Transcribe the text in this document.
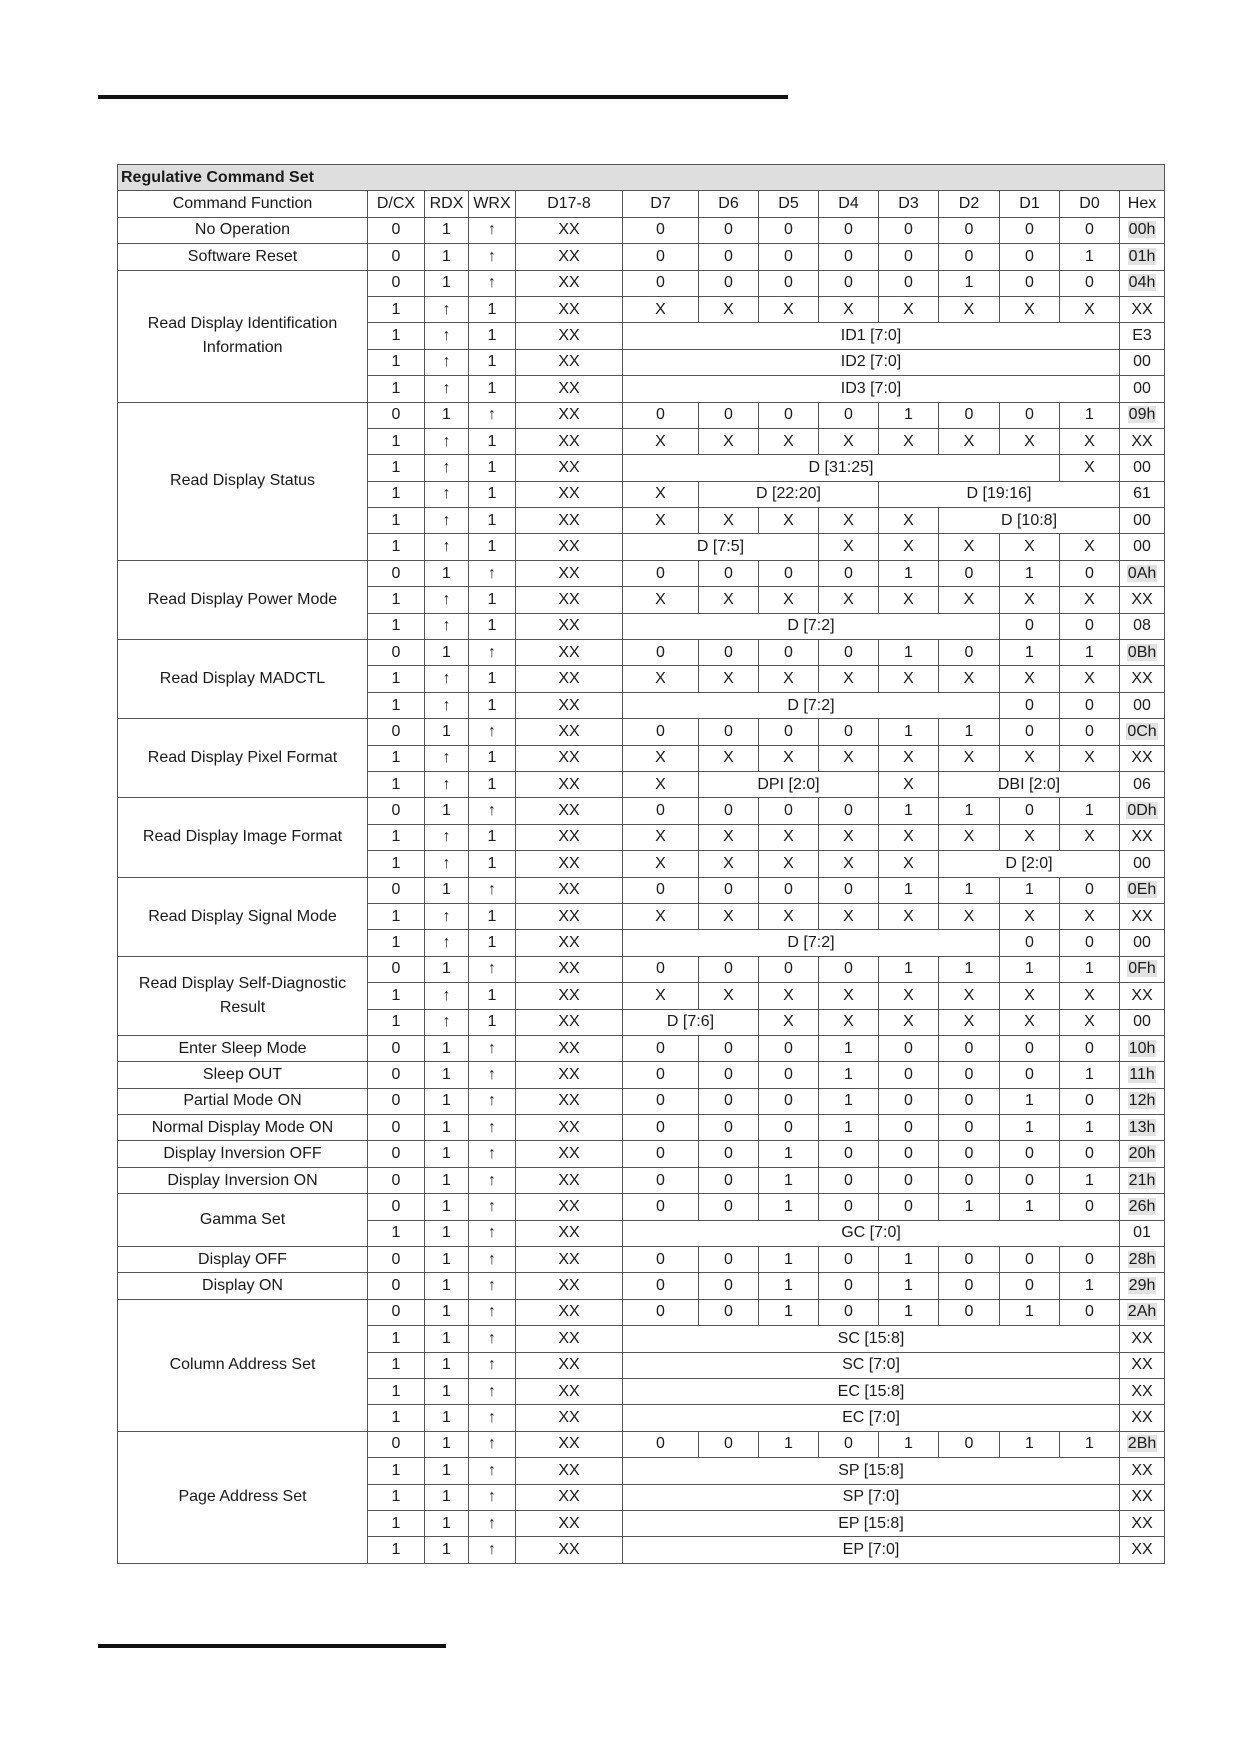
Regulative Command Set													
Command Function	D/CX	RDX	WRX	D17-8	D7	D6	D5	D4	D3	D2	D1	D0	Hex
No Operation	0	1	↑	XX	0	0	0	0	0	0	0	0	00h
Software Reset	0	1	↑	XX	0	0	0	0	0	0	0	1	01h
Read Display Identification Information	0	1	↑	XX	0	0	0	0	0	1	0	0	04h
	1	↑	1	XX	X	X	X	X	X	X	X	X	XX
	1	↑	1	XX	ID1 [7:0]								E3
	1	↑	1	XX	ID2 [7:0]								00
	1	↑	1	XX	ID3 [7:0]								00
Read Display Status	0	1	↑	XX	0	0	0	0	1	0	0	1	09h
	1	↑	1	XX	X	X	X	X	X	X	X	X	XX
	1	↑	1	XX	D [31:25]							X	00
	1	↑	1	XX	X	D [22:20]			D [19:16]				61
	1	↑	1	XX	X	X	X	X	X	D [10:8]			00
	1	↑	1	XX	D [7:5]			X	X	X	X	X	00
Read Display Power Mode	0	1	↑	XX	0	0	0	0	1	0	1	0	0Ah
	1	↑	1	XX	X	X	X	X	X	X	X	X	XX
	1	↑	1	XX	D [7:2]						0	0	08
Read Display MADCTL	0	1	↑	XX	0	0	0	0	1	0	1	1	0Bh
	1	↑	1	XX	X	X	X	X	X	X	X	X	XX
	1	↑	1	XX	D [7:2]						0	0	00
Read Display Pixel Format	0	1	↑	XX	0	0	0	0	1	1	0	0	0Ch
	1	↑	1	XX	X	X	X	X	X	X	X	X	XX
	1	↑	1	XX	X	DPI [2:0]			X	DBI [2:0]			06
Read Display Image Format	0	1	↑	XX	0	0	0	0	1	1	0	1	0Dh
	1	↑	1	XX	X	X	X	X	X	X	X	X	XX
	1	↑	1	XX	X	X	X	X	X	D [2:0]			00
Read Display Signal Mode	0	1	↑	XX	0	0	0	0	1	1	1	0	0Eh
	1	↑	1	XX	X	X	X	X	X	X	X	X	XX
	1	↑	1	XX	D [7:2]						0	0	00
Read Display Self-Diagnostic Result	0	1	↑	XX	0	0	0	0	1	1	1	1	0Fh
	1	↑	1	XX	X	X	X	X	X	X	X	X	XX
	1	↑	1	XX	D [7:6]		X	X	X	X	X	X	00
Enter Sleep Mode	0	1	↑	XX	0	0	0	1	0	0	0	0	10h
Sleep OUT	0	1	↑	XX	0	0	0	1	0	0	0	1	11h
Partial Mode ON	0	1	↑	XX	0	0	0	1	0	0	1	0	12h
Normal Display Mode ON	0	1	↑	XX	0	0	0	1	0	0	1	1	13h
Display Inversion OFF	0	1	↑	XX	0	0	1	0	0	0	0	0	20h
Display Inversion ON	0	1	↑	XX	0	0	1	0	0	0	0	1	21h
Gamma Set	0	1	↑	XX	0	0	1	0	0	1	1	0	26h
	1	1	↑	XX	GC [7:0]								01
Display OFF	0	1	↑	XX	0	0	1	0	1	0	0	0	28h
Display ON	0	1	↑	XX	0	0	1	0	1	0	0	1	29h
Column Address Set	0	1	↑	XX	0	0	1	0	1	0	1	0	2Ah
	1	1	↑	XX	SC [15:8]								XX
	1	1	↑	XX	SC [7:0]								XX
	1	1	↑	XX	EC [15:8]								XX
	1	1	↑	XX	EC [7:0]								XX
Page Address Set	0	1	↑	XX	0	0	1	0	1	0	1	1	2Bh
	1	1	↑	XX	SP [15:8]								XX
	1	1	↑	XX	SP [7:0]								XX
	1	1	↑	XX	EP [15:8]								XX
	1	1	↑	XX	EP [7:0]								XX
